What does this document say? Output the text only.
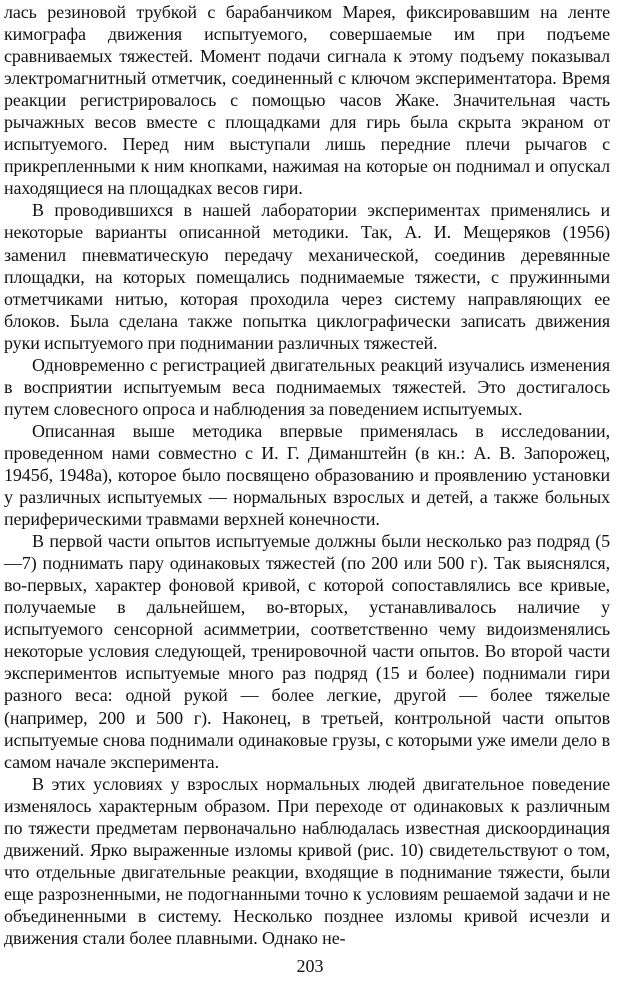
лась резиновой трубкой с барабанчиком Марея, фиксировавшим на ленте кимографа движения испытуемого, совершаемые им при подъеме сравниваемых тяжестей. Момент подачи сигнала к этому подъему показывал электромагнитный отметчик, соединенный с ключом экспериментатора. Время реакции регистрировалось с помощью часов Жаке. Значительная часть рычажных весов вместе с площадками для гирь была скрыта экраном от испытуемого. Перед ним выступали лишь передние плечи рычагов с прикрепленными к ним кнопками, нажимая на которые он поднимал и опускал находящиеся на площадках весов гири.

В проводившихся в нашей лаборатории экспериментах применялись и некоторые варианты описанной методики. Так, А. И. Мещеряков (1956) заменил пневматическую передачу механической, соединив деревянные площадки, на которых помещались поднимаемые тяжести, с пружинными отметчиками нитью, которая проходила через систему направляющих ее блоков. Была сделана также попытка циклографически записать движения руки испытуемого при поднимании различных тяжестей.

Одновременно с регистрацией двигательных реакций изучались изменения в восприятии испытуемым веса поднимаемых тяжестей. Это достигалось путем словесного опроса и наблюдения за поведением испытуемых.

Описанная выше методика впервые применялась в исследовании, проведенном нами совместно с И. Г. Диманштейн (в кн.: А. В. Запорожец, 1945б, 1948а), которое было посвящено образованию и проявлению установки у различных испытуемых — нормальных взрослых и детей, а также больных периферическими травмами верхней конечности.

В первой части опытов испытуемые должны были несколько раз подряд (5—7) поднимать пару одинаковых тяжестей (по 200 или 500 г). Так выяснялся, во-первых, характер фоновой кривой, с которой сопоставлялись все кривые, получаемые в дальнейшем, во-вторых, устанавливалось наличие у испытуемого сенсорной асимметрии, соответственно чему видоизменялись некоторые условия следующей, тренировочной части опытов. Во второй части экспериментов испытуемые много раз подряд (15 и более) поднимали гири разного веса: одной рукой — более легкие, другой — более тяжелые (например, 200 и 500 г). Наконец, в третьей, контрольной части опытов испытуемые снова поднимали одинаковые грузы, с которыми уже имели дело в самом начале эксперимента.

В этих условиях у взрослых нормальных людей двигательное поведение изменялось характерным образом. При переходе от одинаковых к различным по тяжести предметам первоначально наблюдалась известная дискоординация движений. Ярко выраженные изломы кривой (рис. 10) свидетельствуют о том, что отдельные двигательные реакции, входящие в поднимание тяжести, были еще разрозненными, не подогнанными точно к условиям решаемой задачи и не объединенными в систему. Несколько позднее изломы кривой исчезли и движения стали более плавными. Однако не-

203
